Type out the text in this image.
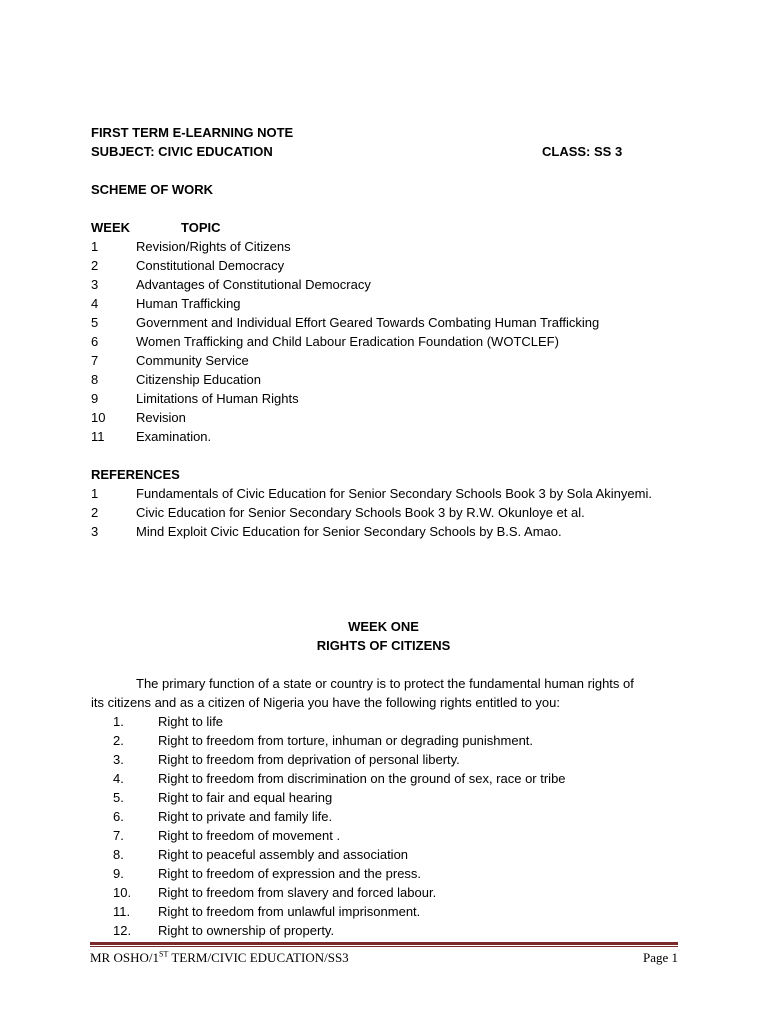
FIRST TERM E-LEARNING NOTE
SUBJECT: CIVIC EDUCATION	CLASS: SS 3
SCHEME OF WORK
WEEK	TOPIC
1	Revision/Rights of Citizens
2	Constitutional Democracy
3	Advantages of Constitutional Democracy
4	Human Trafficking
5	Government and Individual Effort Geared Towards Combating Human Trafficking
6	Women Trafficking and Child Labour Eradication Foundation (WOTCLEF)
7	Community Service
8	Citizenship Education
9	Limitations of Human Rights
10 Revision
11 Examination.
REFERENCES
1	Fundamentals of Civic Education for Senior Secondary Schools Book 3 by Sola Akinyemi.
2	Civic Education for Senior Secondary Schools Book 3 by R.W. Okunloye et al.
3	Mind Exploit Civic Education for Senior Secondary Schools by B.S. Amao.
WEEK ONE
RIGHTS OF CITIZENS
The primary function of a state or country is to protect the fundamental human rights of
its citizens and as a citizen of Nigeria you have the following rights entitled to you:
1.	Right to life
2.	Right to freedom from torture, inhuman or degrading punishment.
3.	Right to freedom from deprivation of personal liberty.
4.	Right to freedom from discrimination on the ground of sex, race or tribe
5.	Right to fair and equal hearing
6.	Right to private and family life.
7.	Right to freedom of movement .
8.	Right to peaceful assembly and association
9.	Right to freedom of expression and the press.
10. Right to freedom from slavery and forced labour.
11. Right to freedom from unlawful imprisonment.
12. Right to ownership of property.
MR OSHO/1ST TERM/CIVIC EDUCATION/SS3	Page 1
